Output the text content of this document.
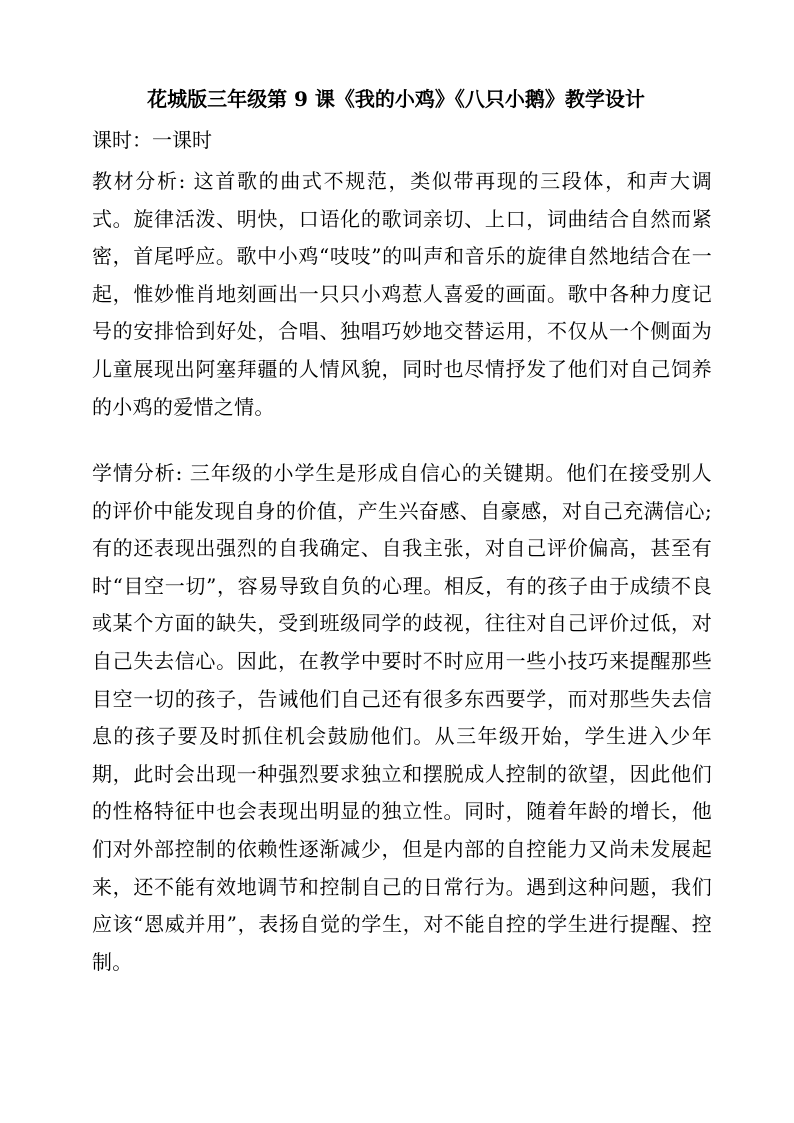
花城版三年级第 9 课《我的小鸡》《八只小鹅》教学设计

课时：一课时

教材分析: 这首歌的曲式不规范，类似带再现的三段体，和声大调式。旋律活泼、明快，口语化的歌词亲切、上口，词曲结合自然而紧密，首尾呼应。歌中小鸡“吱吱”的叫声和音乐的旋律自然地结合在一起，惟妙惟肖地刻画出一只只小鸡惹人喜爱的画面。歌中各种力度记号的安排恰到好处，合唱、独唱巧妙地交替运用，不仅从一个侧面为儿童展现出阿塞拜疆的人情风貌，同时也尽情抒发了他们对自己饲养的小鸡的爱惜之情。

学情分析: 三年级的小学生是形成自信心的关键期。他们在接受别人的评价中能发现自身的价值，产生兴奋感、自豪感，对自己充满信心;有的还表现出强烈的自我确定、自我主张，对自己评价偏高，甚至有时“目空一切”，容易导致自负的心理。相反，有的孩子由于成绩不良或某个方面的缺失，受到班级同学的歧视，往往对自己评价过低，对自己失去信心。因此，在教学中要时不时应用一些小技巧来提醒那些目空一切的孩子，告诫他们自己还有很多东西要学，而对那些失去信息的孩子要及时抓住机会鼓励他们。从三年级开始，学生进入少年期，此时会出现一种强烈要求独立和摆脱成人控制的欲望，因此他们的性格特征中也会表现出明显的独立性。同时，随着年龄的增长，他们对外部控制的依赖性逐渐减少，但是内部的自控能力又尚未发展起来，还不能有效地调节和控制自己的日常行为。遇到这种问题，我们应该“恩威并用”，表扬自觉的学生，对不能自控的学生进行提醒、控制。
